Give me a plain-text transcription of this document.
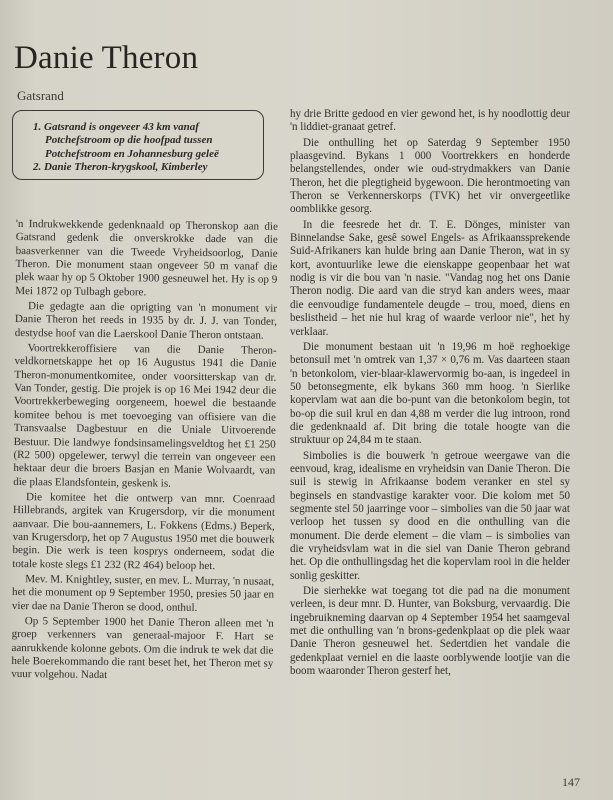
Danie Theron
Gatsrand
1. Gatsrand is ongeveer 43 km vanaf Potchefstroom op die hoofpad tussen Potchefstroom en Johannesburg geleë
2. Danie Theron-krygskool, Kimberley

'n Indrukwekkende gedenknaald op Theronskop aan die Gatsrand gedenk die onverskrokke dade van die baasverkenner van die Tweede Vryheidsoorlog, Danie Theron. Die monument staan ongeveer 50 m vanaf die plek waar hy op 5 Oktober 1900 gesneuwel het. Hy is op 9 Mei 1872 op Tulbagh gebore.

Die gedagte aan die oprigting van 'n monument vir Danie Theron het reeds in 1935 by dr. J. J. van Tonder, destydse hoof van die Laerskool Danie Theron ontstaan.

Voortrekkeroffisiere van die Danie Theron-veldkornetskappe het op 16 Augustus 1941 die Danie Theron-monumentkomitee, onder voorsitterskap van dr. Van Tonder, gestig. Die projek is op 16 Mei 1942 deur die Voortrekkerbeweging oorgeneem, hoewel die bestaande komitee behou is met toevoeging van offisiere van die Transvaalse Dagbestuur en die Uniale Uitvoerende Bestuur. Die landwye fondsinsamelingsveldtog het £1 250 (R2 500) opgelewer, terwyl die terrein van ongeveer een hektaar deur die broers Basjan en Manie Wolvaardt, van die plaas Elandsfontein, geskenk is.

Die komitee het die ontwerp van mnr. Coenraad Hillebrands, argitek van Krugersdorp, vir die monument aanvaar. Die bou-aannemers, L. Fokkens (Edms.) Beperk, van Krugersdorp, het op 7 Augustus 1950 met die bouwerk begin. Die werk is teen kosprys onderneem, sodat die totale koste slegs £1 232 (R2 464) beloop het.

Mev. M. Knightley, suster, en mev. L. Murray, 'n nusaat, het die monument op 9 September 1950, presies 50 jaar en vier dae na Danie Theron se dood, onthul.

Op 5 September 1900 het Danie Theron alleen met 'n groep verkenners van generaal-majoor F. Hart se aanrukkende kolonne gebots. Om die indruk te wek dat die hele Boerekommando die rant beset het, het Theron met sy vuur volgehou. Nadat

hy drie Britte gedood en vier gewond het, is hy noodlottig deur 'n liddiet-granaat getref.

Die onthulling het op Saterdag 9 September 1950 plaasgevind. Bykans 1 000 Voortrekkers en honderde belangstellendes, onder wie oud-strydmakkers van Danie Theron, het die plegtigheid bygewoon. Die herontmoeting van Theron se Verkennerskorps (TVK) het vir onvergeetlike oomblikke gesorg.

In die feesrede het dr. T. E. Dönges, minister van Binnelandse Sake, gesê sowel Engels- as Afrikaanssprekende Suid-Afrikaners kan hulde bring aan Danie Theron, wat in sy kort, avontuurlike lewe die eienskappe geopenbaar het wat nodig is vir die bou van 'n nasie. "Vandag nog het ons Danie Theron nodig. Die aard van die stryd kan anders wees, maar die eenvoudige fundamentele deugde – trou, moed, diens en beslistheid – het nie hul krag of waarde verloor nie", het hy verklaar.

Die monument bestaan uit 'n 19,96 m hoë reghoekige betonsuil met 'n omtrek van 1,37 × 0,76 m. Vas daarteen staan 'n betonkolom, vier-blaar-klawervormig bo-aan, is ingedeel in 50 betonsegmente, elk bykans 360 mm hoog. 'n Sierlike kopervlam wat aan die bo-punt van die betonkolom begin, tot bo-op die suil krul en dan 4,88 m verder die lug introon, rond die gedenknaald af. Dit bring die totale hoogte van die struktuur op 24,84 m te staan.

Simbolies is die bouwerk 'n getroue weergawe van die eenvoud, krag, idealisme en vryheidsin van Danie Theron. Die suil is stewig in Afrikaanse bodem veranker en stel sy beginsels en standvastige karakter voor. Die kolom met 50 segmente stel 50 jaarringe voor – simbolies van die 50 jaar wat verloop het tussen sy dood en die onthulling van die monument. Die derde element – die vlam – is simbolies van die vryheidsvlam wat in die siel van Danie Theron gebrand het. Op die onthullingsdag het die kopervlam rooi in die helder sonlig geskitter.

Die sierhekke wat toegang tot die pad na die monument verleen, is deur mnr. D. Hunter, van Boksburg, vervaardig. Die ingebruikneming daarvan op 4 September 1954 het saamgeval met die onthulling van 'n brons-gedenkplaat op die plek waar Danie Theron gesneuwel het. Sedertdien het vandale die gedenkplaat verniel en die laaste oorblywende lootjie van die boom waaronder Theron gesterf het,

147
